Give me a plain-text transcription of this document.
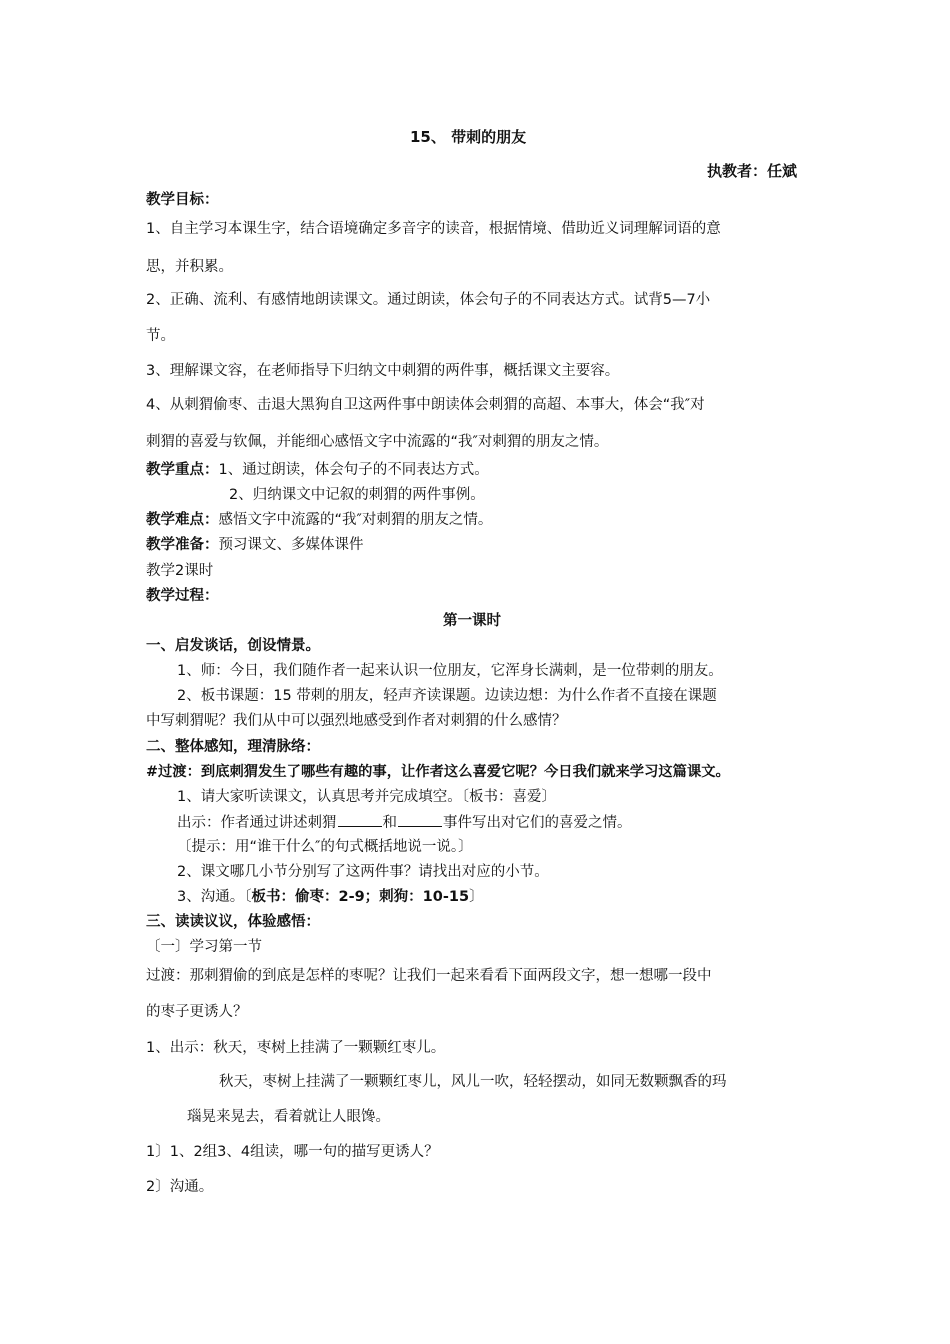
15、 带刺的朋友
执教者：任斌
教学目标：
1、自主学习本课生字，结合语境确定多音字的读音，根据情境、借助近义词理解词语的意
思，并积累。
2、正确、流利、有感情地朗读课文。通过朗读，体会句子的不同表达方式。试背5—7小
节。
3、理解课文容，在老师指导下归纳文中刺猬的两件事，概括课文主要容。
4、从刺猬偷枣、击退大黑狗自卫这两件事中朗读体会刺猬的高超、本事大，体会“我″对
刺猬的喜爱与钦佩，并能细心感悟文字中流露的“我″对刺猬的朋友之情。
教学重点：1、通过朗读，体会句子的不同表达方式。
2、归纳课文中记叙的刺猬的两件事例。
教学难点：感悟文字中流露的“我″对刺猬的朋友之情。
教学准备：预习课文、多媒体课件
教学2课时
教学过程：
第一课时
一、启发谈话，创设情景。
1、师：今日，我们随作者一起来认识一位朋友，它浑身长满刺，是一位带刺的朋友。
2、板书课题：15 带刺的朋友，轻声齐读课题。边读边想：为什么作者不直接在课题
中写刺猬呢？我们从中可以强烈地感受到作者对刺猬的什么感情？
二、整体感知，理清脉络：
#过渡：到底刺猬发生了哪些有趣的事，让作者这么喜爱它呢？今日我们就来学习这篇课文。
1、请大家听读课文，认真思考并完成填空。〔板书：喜爱〕
出示：作者通过讲述刺猬	和	事件写出对它们的喜爱之情。
〔提示：用“谁干什么″的句式概括地说一说。〕
2、课文哪几小节分别写了这两件事？请找出对应的小节。
3、沟通。〔板书：偷枣：2-9；刺狗：10-15〕
三、读读议议，体验感悟：
〔一〕学习第一节
过渡：那刺猬偷的到底是怎样的枣呢？让我们一起来看看下面两段文字，想一想哪一段中
的枣子更诱人？
1、出示：秋天，枣树上挂满了一颗颗红枣儿。
秋天，枣树上挂满了一颗颗红枣儿，风儿一吹，轻轻摆动，如同无数颗飘香的玛
瑙晃来晃去，看着就让人眼馋。
1〕1、2组3、4组读，哪一句的描写更诱人？
2〕沟通。
